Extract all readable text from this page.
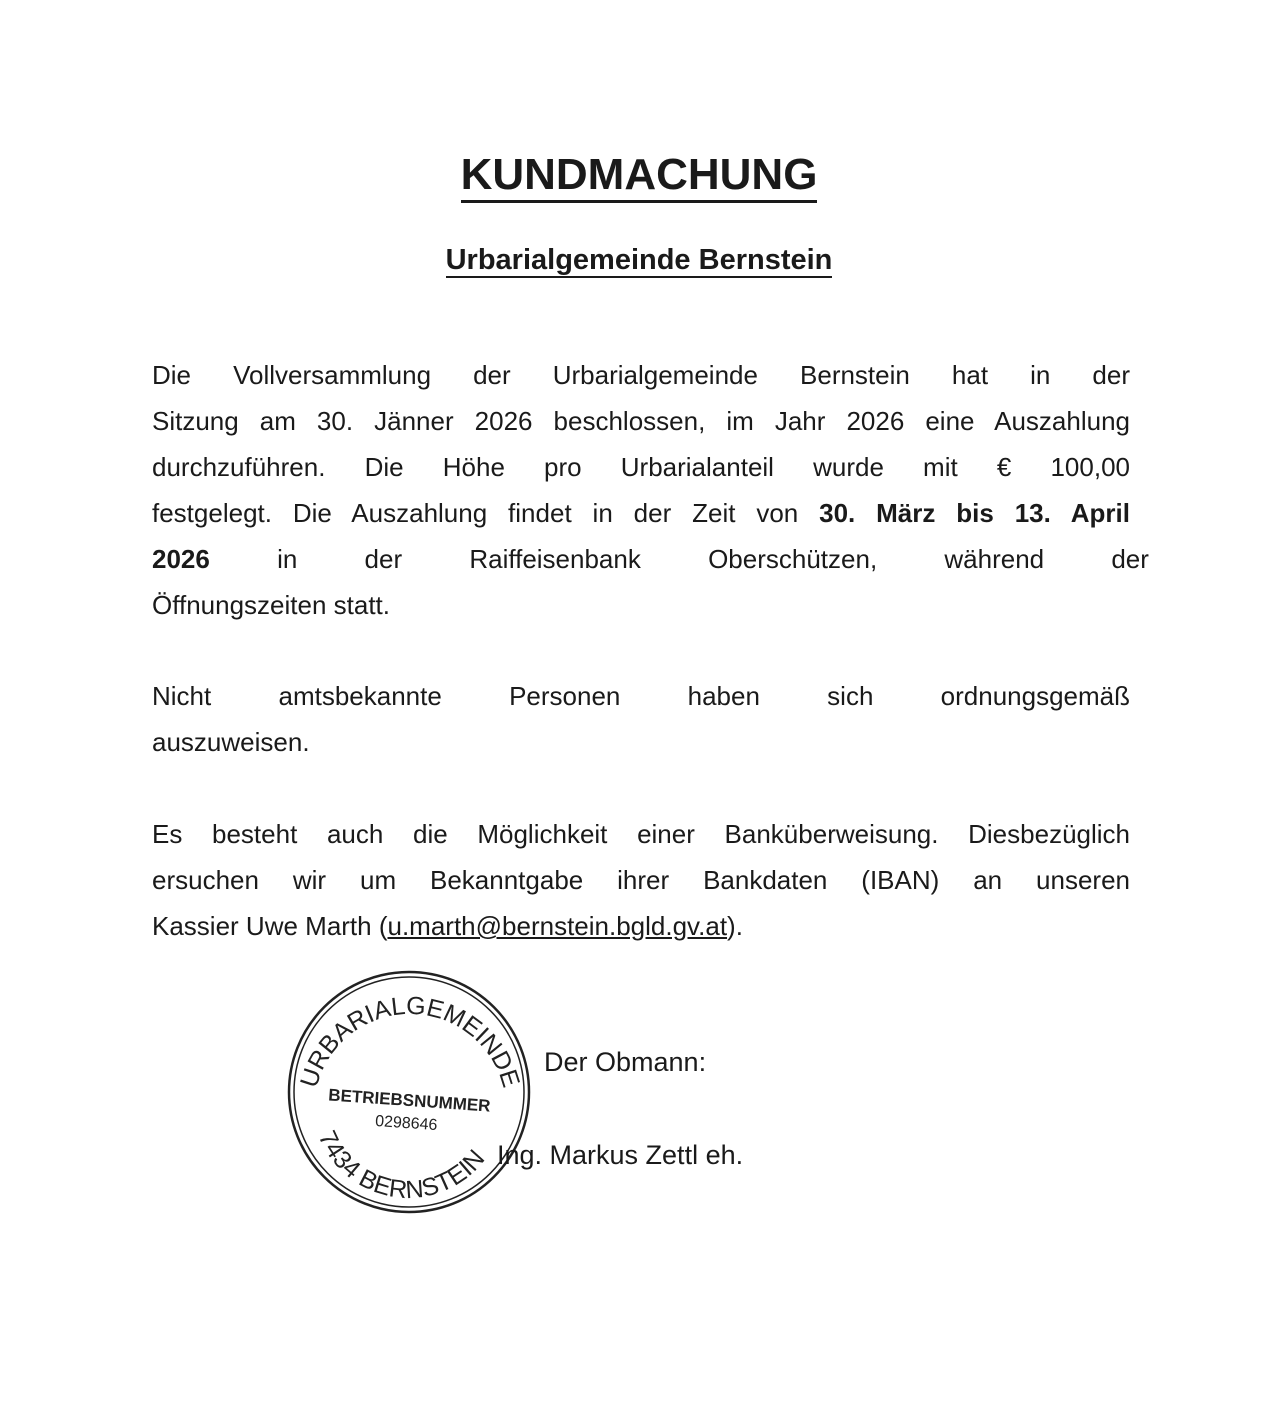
KUNDMACHUNG
Urbarialgemeinde Bernstein
Die Vollversammlung der Urbarialgemeinde Bernstein hat in der
Sitzung am 30. Jänner 2026 beschlossen, im Jahr 2026 eine Auszahlung
durchzuführen. Die Höhe pro Urbarialanteil wurde mit € 100,00
festgelegt. Die Auszahlung findet in der Zeit von 30. März bis 13. April
2026 in der Raiffeisenbank Oberschützen, während der
Öffnungszeiten statt.
Nicht amtsbekannte Personen haben sich ordnungsgemäß
auszuweisen.
Es besteht auch die Möglichkeit einer Banküberweisung. Diesbezüglich
ersuchen wir um Bekanntgabe ihrer Bankdaten (IBAN) an unseren
Kassier Uwe Marth (u.marth@bernstein.bgld.gv.at).
URBARIALGEMEINDE
BETRIEBSNUMMER
0298646
7434 BERNSTEIN
Der Obmann:
Ing. Markus Zettl eh.
